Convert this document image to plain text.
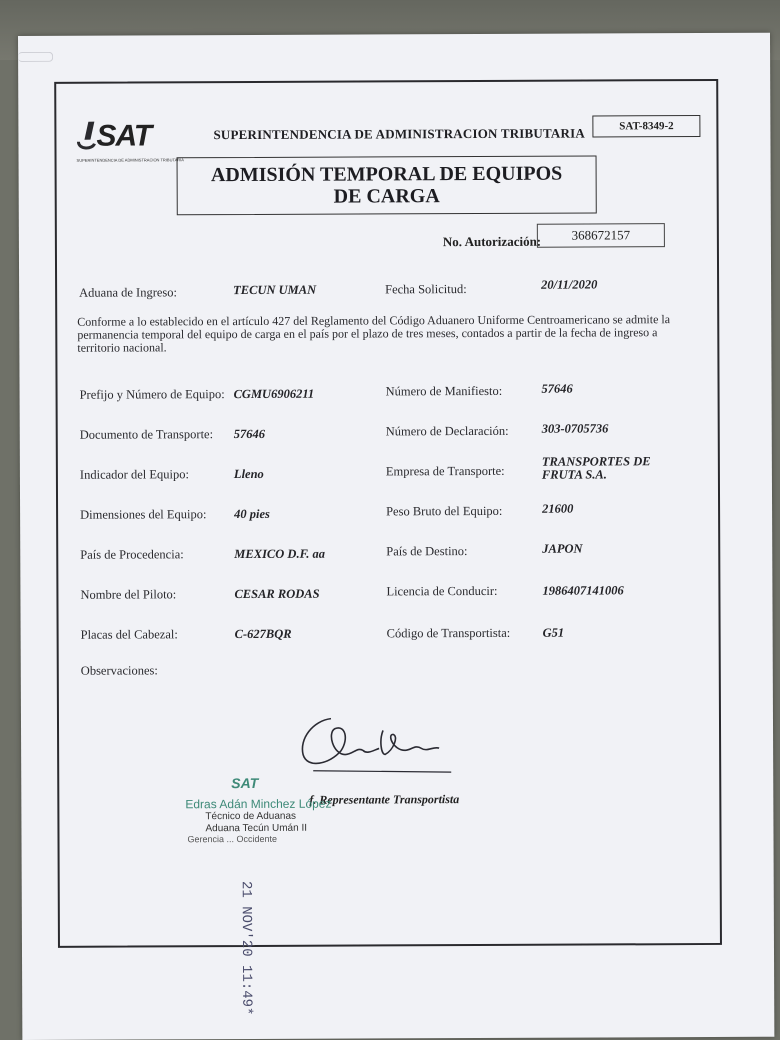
SAT
SUPERINTENDENCIA DE ADMINISTRACION TRIBUTARIA
SUPERINTENDENCIA DE ADMINISTRACION TRIBUTARIA	SAT-8349-2
ADMISIÓN TEMPORAL DE EQUIPOS DE CARGA
No. Autorización:	368672157
Aduana de Ingreso:	TECUN UMAN	Fecha Solicitud:	20/11/2020
Conforme a lo establecido en el artículo 427 del Reglamento del Código Aduanero Uniforme Centroamericano se admite la permanencia temporal del equipo de carga en el país por el plazo de tres meses, contados a partir de la fecha de ingreso a territorio nacional.
Prefijo y Número de Equipo: CGMU6906211	Número de Manifiesto:	57646
Documento de Transporte: 57646	Número de Declaración:	303-0705736
Indicador del Equipo:	Lleno	Empresa de Transporte:
TRANSPORTES DE FRUTA S.A.
Dimensiones del Equipo: 40 pies	Peso Bruto del Equipo:	21600
País de Procedencia:	MEXICO D.F. aa	País de Destino:	JAPON
Nombre del Piloto:	CESAR RODAS	Licencia de Conducir:	1986407141006
Placas del Cabezal:	C-627BQR	Código de Transportista:	G51
Observaciones:
f. Representante Transportista
SAT
Edras Adán Minchez López
Técnico de Aduanas
Aduana Tecún Umán II
Gerencia ... Occidente
21 NOV'20 11:49*
